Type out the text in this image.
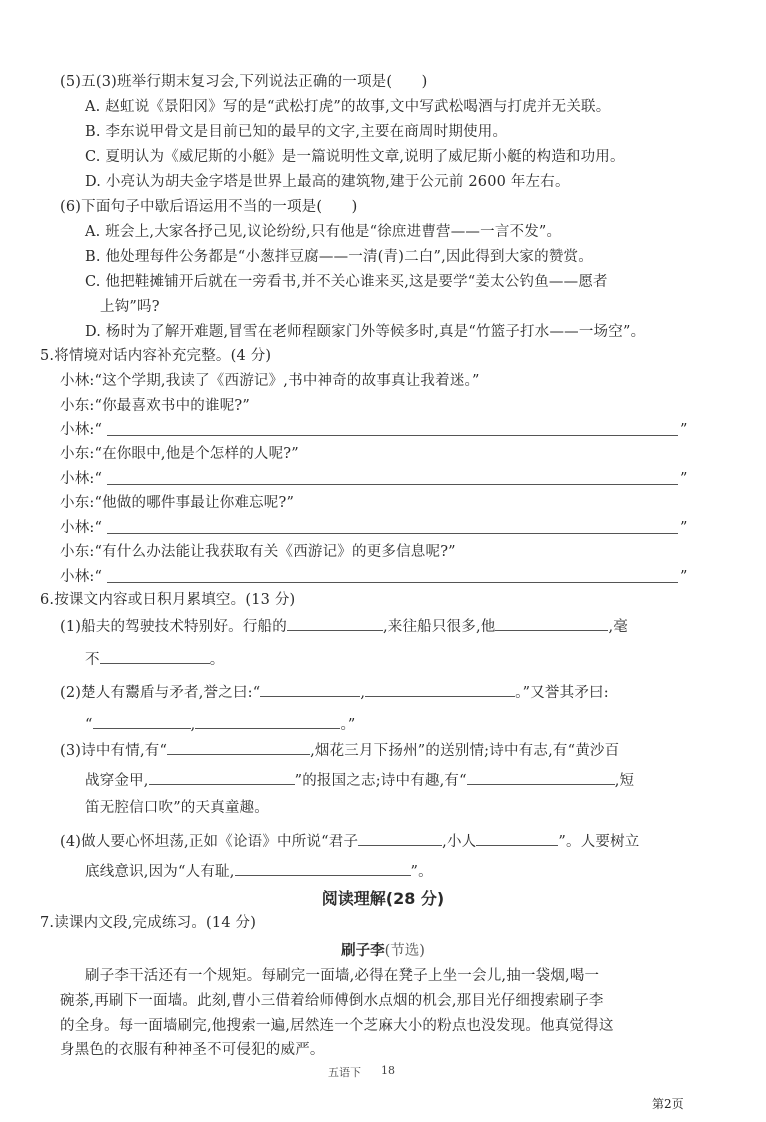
(5)五(3)班举行期末复习会,下列说法正确的一项是(　　)
A. 赵虹说《景阳冈》写的是“武松打虎”的故事,文中写武松喝酒与打虎并无关联。
B. 李东说甲骨文是目前已知的最早的文字,主要在商周时期使用。
C. 夏明认为《威尼斯的小艇》是一篇说明性文章,说明了威尼斯小艇的构造和功用。
D. 小亮认为胡夫金字塔是世界上最高的建筑物,建于公元前 2600 年左右。
(6)下面句子中歇后语运用不当的一项是(　　)
A. 班会上,大家各抒己见,议论纷纷,只有他是“徐庶进曹营——一言不发”。
B. 他处理每件公务都是“小葱拌豆腐——一清(青)二白”,因此得到大家的赞赏。
C. 他把鞋摊铺开后就在一旁看书,并不关心谁来买,这是要学“姜太公钓鱼——愿者
上钩”吗?
D. 杨时为了解开难题,冒雪在老师程颐家门外等候多时,真是“竹篮子打水——一场空”。
5.将情境对话内容补充完整。(4 分)
小林:“这个学期,我读了《西游记》,书中神奇的故事真让我着迷。”
小东:“你最喜欢书中的谁呢?”
小林:“	”
小东:“在你眼中,他是个怎样的人呢?”
小林:“	”
小东:“他做的哪件事最让你难忘呢?”
小林:“	”
小东:“有什么办法能让我获取有关《西游记》的更多信息呢?”
小林:“	”
6.按课文内容或日积月累填空。(13 分)
(1)船夫的驾驶技术特别好。行船的	,来往船只很多,他	,毫
不	。
(2)楚人有鬻盾与矛者,誉之曰:“	,	。”又誉其矛曰:
“	,	。”
(3)诗中有情,有“	,烟花三月下扬州”的送别情;诗中有志,有“黄沙百
战穿金甲,	”的报国之志;诗中有趣,有“	,短
笛无腔信口吹”的天真童趣。
(4)做人要心怀坦荡,正如《论语》中所说“君子	,小人	”。人要树立
底线意识,因为“人有耻,	”。
阅读理解(28 分)
7.读课内文段,完成练习。(14 分)
刷子李(节选)
刷子李干活还有一个规矩。每刷完一面墙,必得在凳子上坐一会儿,抽一袋烟,喝一
碗茶,再刷下一面墙。此刻,曹小三借着给师傅倒水点烟的机会,那目光仔细搜索刷子李
的全身。每一面墙刷完,他搜索一遍,居然连一个芝麻大小的粉点也没发现。他真觉得这
身黑色的衣服有种神圣不可侵犯的威严。
五语下 18
第2页
